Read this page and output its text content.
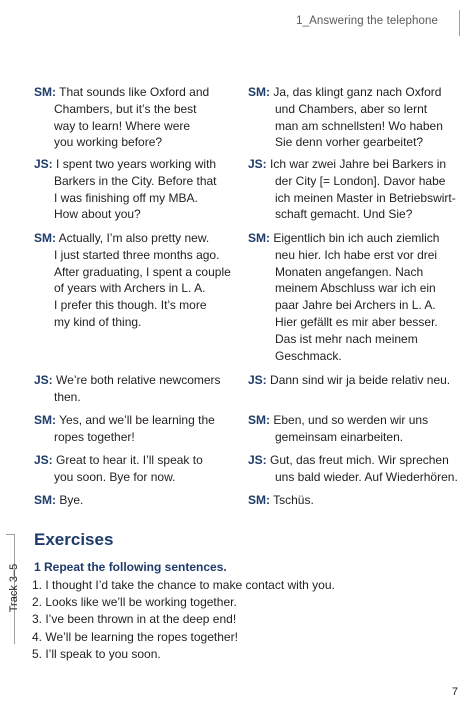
1_Answering the telephone
SM: That sounds like Oxford and
Chambers, but it’s the best
way to learn! Where were
you working before?
JS: I spent two years working with
Barkers in the City. Before that
I was finishing off my MBA.
How about you?
SM: Actually, I’m also pretty new.
I just started three months ago.
After graduating, I spent a couple
of years with Archers in L. A.
I prefer this though. It’s more
my kind of thing.
JS: We’re both relative newcomers
then.
SM: Yes, and we’ll be learning the
ropes together!
JS: Great to hear it. I’ll speak to
you soon. Bye for now.
SM: Bye.
SM: Ja, das klingt ganz nach Oxford
und Chambers, aber so lernt
man am schnellsten! Wo haben
Sie denn vorher gearbeitet?
JS: Ich war zwei Jahre bei Barkers in
der City [= London]. Davor habe
ich meinen Master in Betriebswirt-
schaft gemacht. Und Sie?
SM: Eigentlich bin ich auch ziemlich
neu hier. Ich habe erst vor drei
Monaten angefangen. Nach
meinem Abschluss war ich ein
paar Jahre bei Archers in L. A.
Hier gefällt es mir aber besser.
Das ist mehr nach meinem
Geschmack.
JS: Dann sind wir ja beide relativ neu.
SM: Eben, und so werden wir uns
gemeinsam einarbeiten.
JS: Gut, das freut mich. Wir sprechen
uns bald wieder. Auf Wiederhören.
SM: Tschüs.
Track 3–5
Exercises
1 Repeat the following sentences.
1. I thought I’d take the chance to make contact with you.
2. Looks like we’ll be working together.
3. I’ve been thrown in at the deep end!
4. We’ll be learning the ropes together!
5. I’ll speak to you soon.
7
